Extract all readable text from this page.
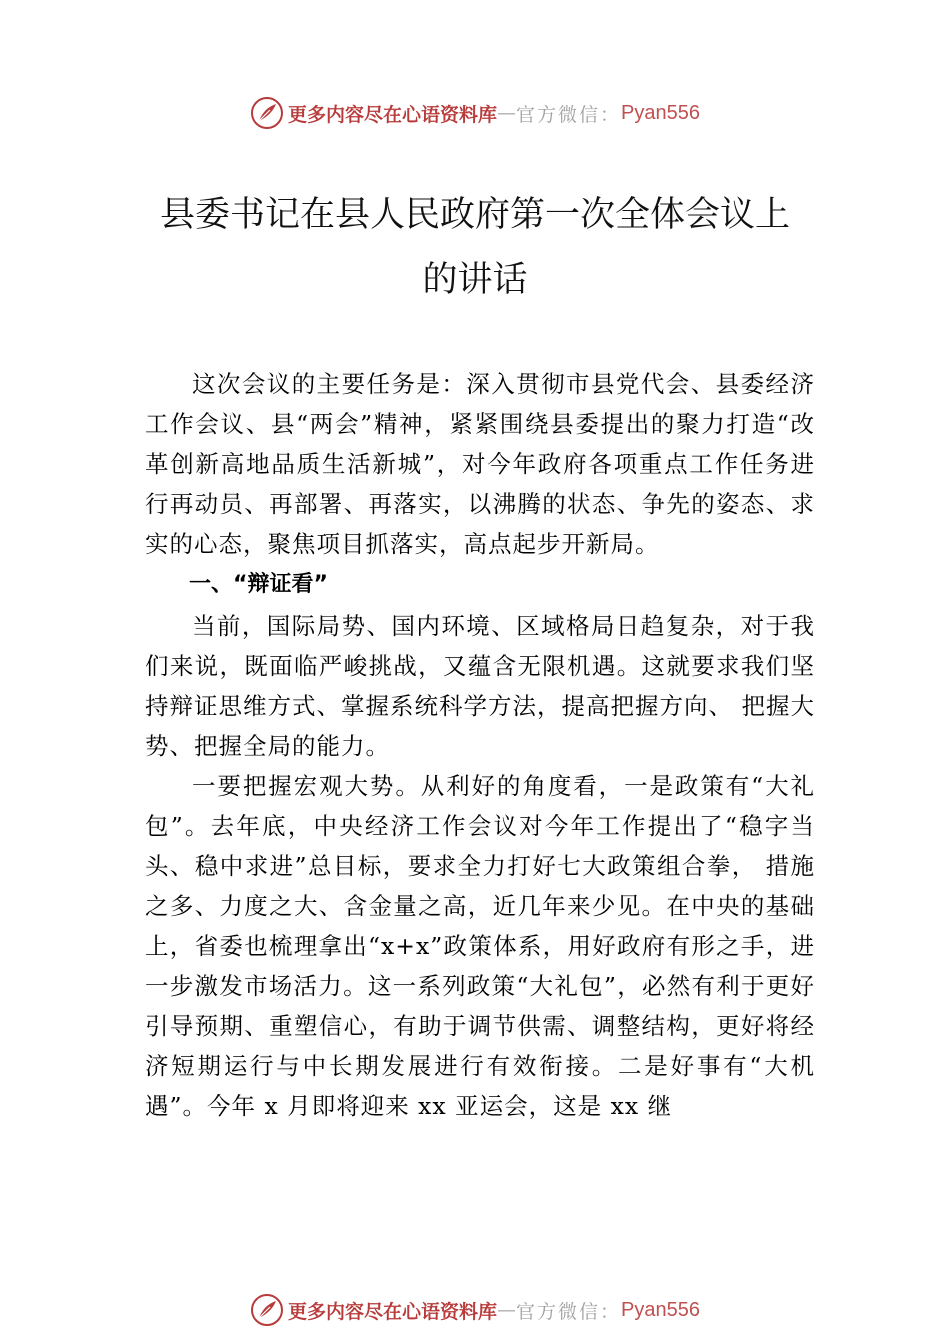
更多内容尽在心语资料库 — 官方微信： Pyan556
县委书记在县人民政府第一次全体会议上
的讲话

这次会议的主要任务是：深入贯彻市县党代会、县委经济工作会议、县“两会”精神，紧紧围绕县委提出的聚力打造“改革创新高地品质生活新城”，对今年政府各项重点工作任务进行再动员、再部署、再落实，以沸腾的状态、争先的姿态、求实的心态，聚焦项目抓落实，高点起步开新局。

一、“辩证看”

当前，国际局势、国内环境、区域格局日趋复杂，对于我们来说，既面临严峻挑战，又蕴含无限机遇。这就要求我们坚持辩证思维方式、掌握系统科学方法，提高把握方向、 把握大势、把握全局的能力。

一要把握宏观大势。从利好的角度看，一是政策有“大礼包”。去年底，中央经济工作会议对今年工作提出了“稳字当头、稳中求进”总目标，要求全力打好七大政策组合拳， 措施之多、力度之大、含金量之高，近几年来少见。在中央的基础上，省委也梳理拿出“x+x”政策体系，用好政府有形之手，进一步激发市场活力。这一系列政策“大礼包”，必然有利于更好引导预期、重塑信心，有助于调节供需、调整结构，更好将经济短期运行与中长期发展进行有效衔接。二是好事有“大机遇”。今年 x 月即将迎来 xx 亚运会，这是 xx 继

更多内容尽在心语资料库 — 官方微信： Pyan556
